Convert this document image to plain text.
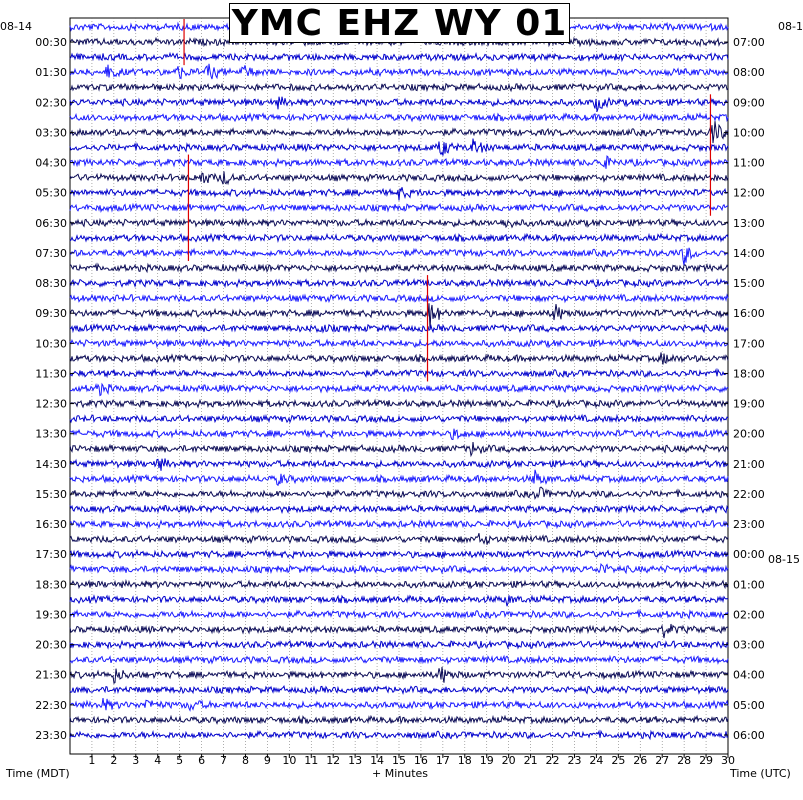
00:30
01:30
02:30
03:30
04:30
05:30
06:30
07:30
08:30
09:30
10:30
11:30
12:30
13:30
14:30
15:30
16:30
17:30
18:30
19:30
20:30
21:30
22:30
23:30
07:00
08:00
09:00
10:00
11:00
12:00
13:00
14:00
15:00
16:00
17:00
18:00
19:00
20:00
21:00
22:00
23:00
00:00
01:00
02:00
03:00
04:00
05:00
06:00
1 2 3 4 5 6 7 8 9 10 11 12 13 14 15 16 17 18 19 20 21 22 23 24 25 26 27 28 29 30
YMC EHZ WY 01
08-14	08-1
08-15
Time (MDT)	+ Minutes	Time (UTC)
